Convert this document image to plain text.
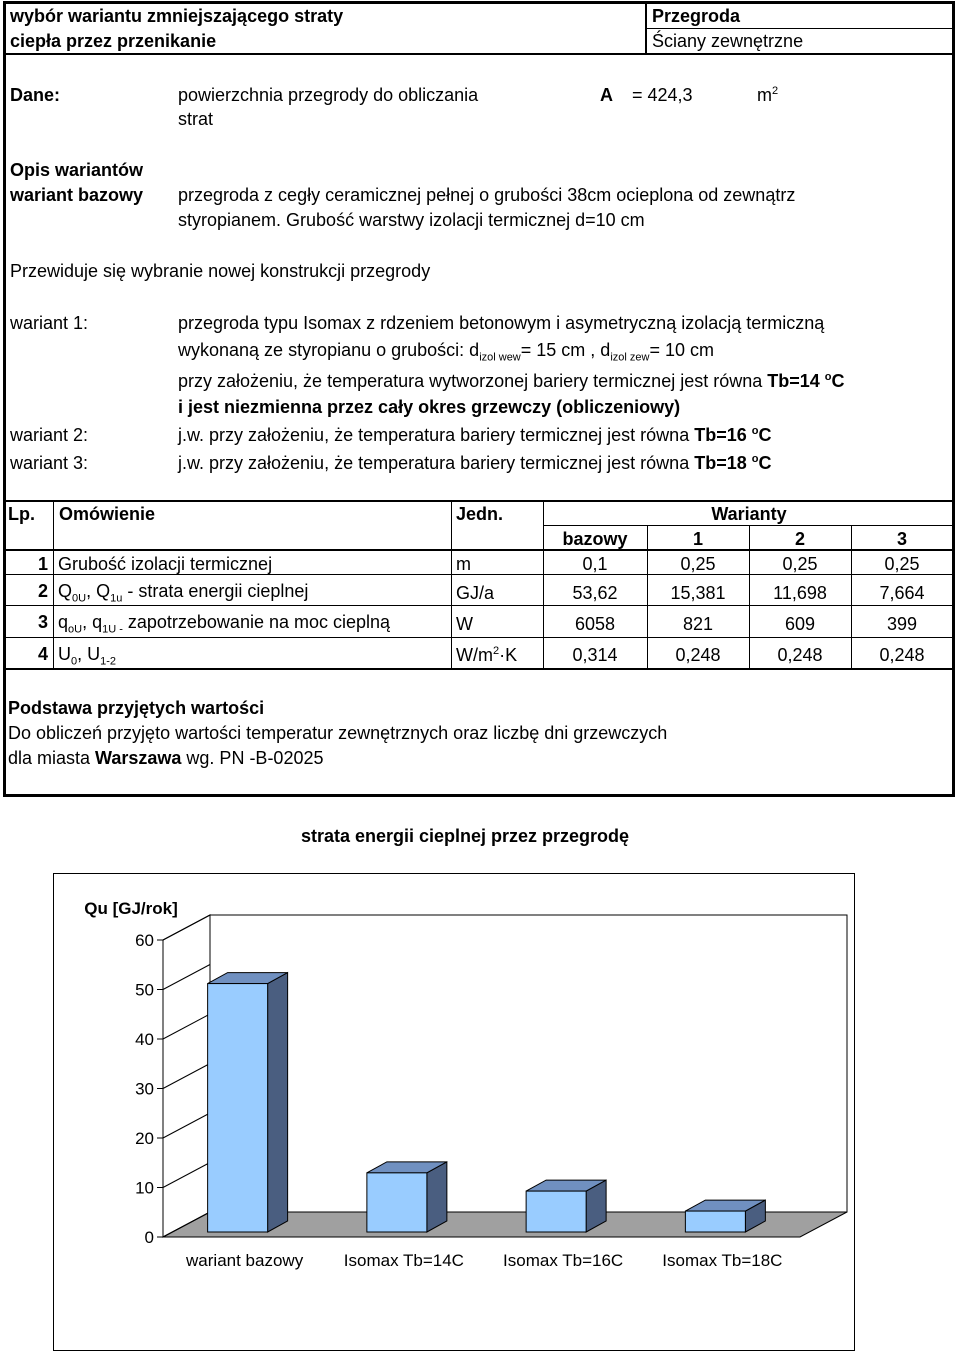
wybór wariantu zmniejszającego straty
ciepła przez przenikanie
Przegroda
Ściany zewnętrzne
Dane:	powierzchnia przegrody do obliczania
strat
A = 424,3	$m^2$
Opis wariantów
wariant bazowy przegroda z cegły ceramicznej pełnej o grubości 38cm ocieplona od zewnątrz
styropianem. Grubość warstwy izolacji termicznej d=10 cm
Przewiduje się wybranie nowej konstrukcji przegrody
wariant 1:	przegroda typu Isomax z rdzeniem betonowym i asymetryczną izolacją termiczną
wykonaną ze styropianu o grubości: $d_{izol wew}= 15$ cm , $d_{izol zew}= 10$ cm
przy założeniu, że temperatura wytworzonej bariery termicznej jest równa Tb=14 $^o$C
i jest niezmienna przez cały okres grzewczy (obliczeniowy)
wariant 2:	j.w. przy założeniu, że temperatura bariery termicznej jest równa Tb=16 $^o$C
wariant 3:	j.w. przy założeniu, że temperatura bariery termicznej jest równa Tb=18 $^o$C
Lp. Omówienie	Jedn.	Warianty
bazowy	1	2	3
1 Grubość izolacji termicznej	m	0,1	0,25	0,25	0,25
2 $Q_{0U}$, $Q_{1u}$ - strata energii cieplnej	GJ/a	53,62	15,381	11,698	7,664
3 $q_{oU}$, $q_{1U -}$ zapotrzebowanie na moc cieplną	W	6058	821	609	399
4 $U_0$, $U_{1-2}$	$W/m^2\cdot K$	0,314	0,248	0,248	0,248
Podstawa przyjętych wartości
Do obliczeń przyjęto wartości temperatur zewnętrznych oraz liczbę dni grzewczych
dla miasta Warszawa wg. PN -B-02025
strata energii cieplnej przez przegrodę
0
10
20
30
40
50
60
Qu [GJ/rok]
wariant bazowy Isomax Tb=14C Isomax Tb=16C Isomax Tb=18C
